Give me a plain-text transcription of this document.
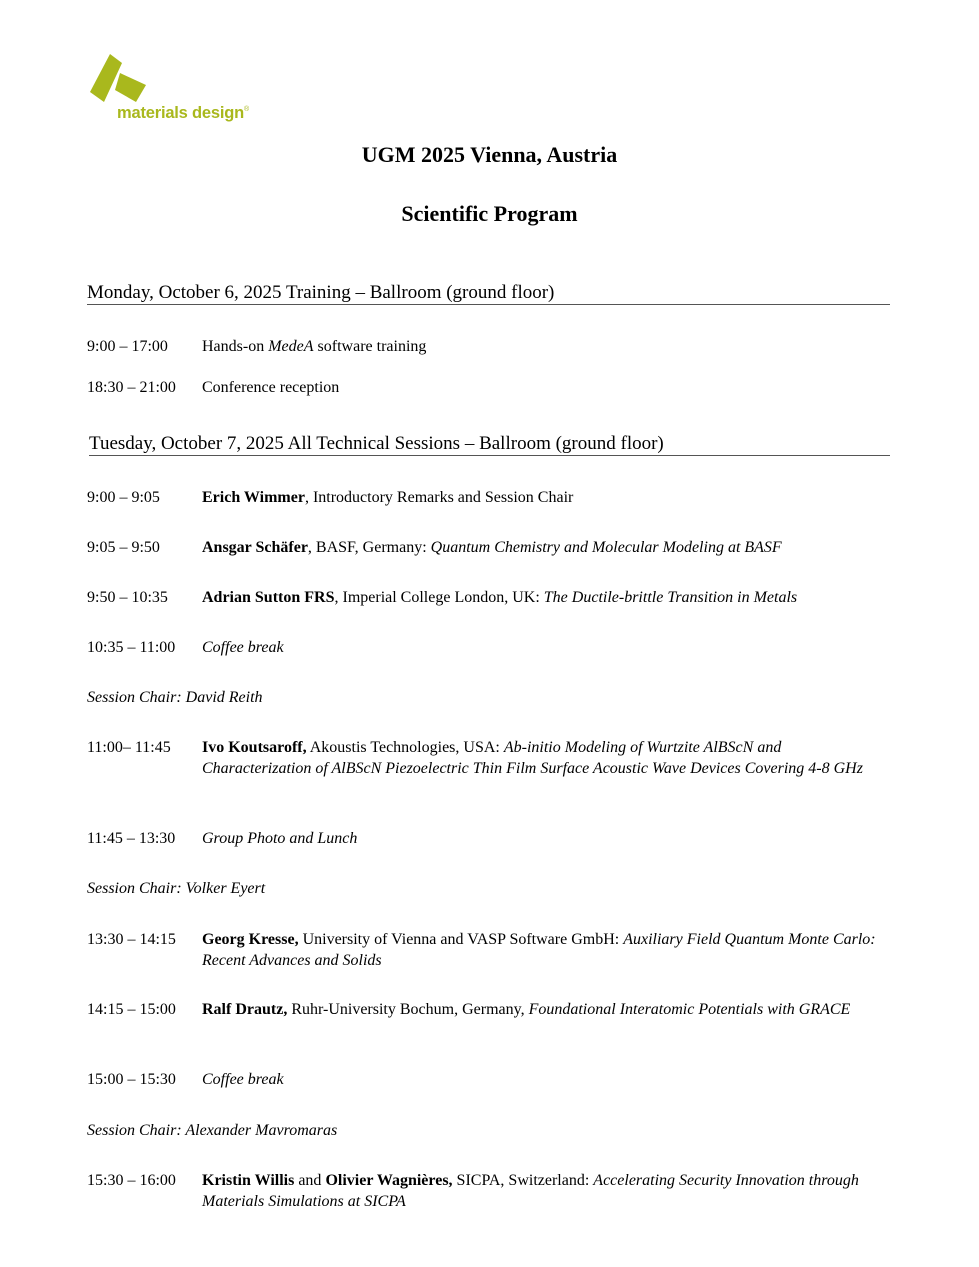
materials design®
UGM 2025 Vienna, Austria
Scientific Program
Monday, October 6, 2025 Training – Ballroom (ground floor)
9:00 – 17:00 Hands-on MedeA software training
18:30 – 21:00 Conference reception
Tuesday, October 7, 2025 All Technical Sessions – Ballroom (ground floor)
9:00 – 9:05	Erich Wimmer, Introductory Remarks and Session Chair
9:05 – 9:50	Ansgar Schäfer, BASF, Germany: Quantum Chemistry and Molecular Modeling at BASF
9:50 – 10:35 Adrian Sutton FRS, Imperial College London, UK: The Ductile-brittle Transition in Metals
10:35 – 11:00 Coffee break
Session Chair: David Reith
11:00– 11:45 Ivo Koutsaroff, Akoustis Technologies, USA: Ab-initio Modeling of Wurtzite AlBScN and Characterization of AlBScN Piezoelectric Thin Film Surface Acoustic Wave Devices Covering 4-8 GHz
11:45 – 13:30 Group Photo and Lunch
Session Chair: Volker Eyert
13:30 – 14:15 Georg Kresse, University of Vienna and VASP Software GmbH: Auxiliary Field Quantum Monte Carlo: Recent Advances and Solids
14:15 – 15:00 Ralf Drautz, Ruhr-University Bochum, Germany, Foundational Interatomic Potentials with GRACE
15:00 – 15:30 Coffee break
Session Chair: Alexander Mavromaras
15:30 – 16:00 Kristin Willis and Olivier Wagnières, SICPA, Switzerland: Accelerating Security Innovation through Materials Simulations at SICPA
